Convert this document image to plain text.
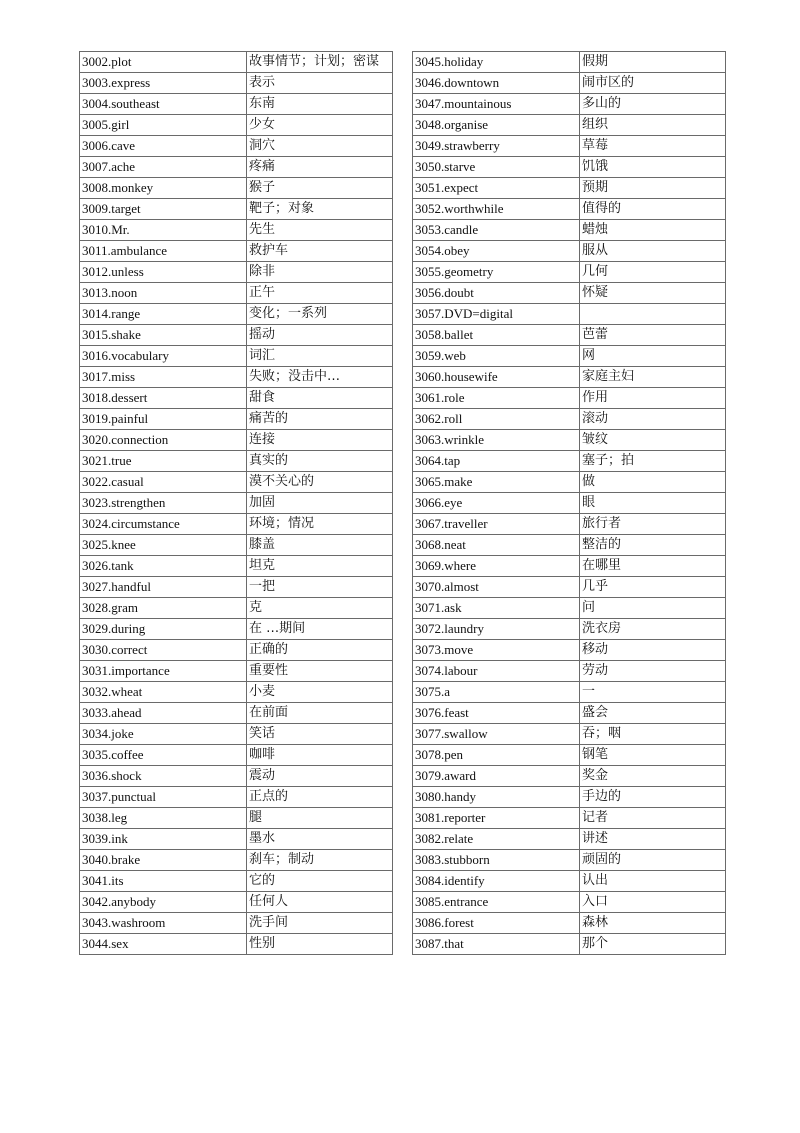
3002.plot	故事情节；计划；密谋
3003.express	表示
3004.southeast	东南
3005.girl	少女
3006.cave	洞穴
3007.ache	疼痛
3008.monkey	猴子
3009.target	靶子；对象
3010.Mr.	先生
3011.ambulance	救护车
3012.unless	除非
3013.noon	正午
3014.range	变化；一系列
3015.shake	摇动
3016.vocabulary	词汇
3017.miss	失败；没击中…
3018.dessert	甜食
3019.painful	痛苦的
3020.connection	连接
3021.true	真实的
3022.casual	漠不关心的
3023.strengthen	加固
3024.circumstance	环境；情况
3025.knee	膝盖
3026.tank	坦克
3027.handful	一把
3028.gram	克
3029.during	在 …期间
3030.correct	正确的
3031.importance	重要性
3032.wheat	小麦
3033.ahead	在前面
3034.joke	笑话
3035.coffee	咖啡
3036.shock	震动
3037.punctual	正点的
3038.leg	腿
3039.ink	墨水
3040.brake	刹车；制动
3041.its	它的
3042.anybody	任何人
3043.washroom	洗手间
3044.sex	性别
3045.holiday	假期
3046.downtown	闹市区的
3047.mountainous	多山的
3048.organise	组织
3049.strawberry	草莓
3050.starve	饥饿
3051.expect	预期
3052.worthwhile	值得的
3053.candle	蜡烛
3054.obey	服从
3055.geometry	几何
3056.doubt	怀疑
3057.DVD=digital	
3058.ballet	芭蕾
3059.web	网
3060.housewife	家庭主妇
3061.role	作用
3062.roll	滚动
3063.wrinkle	皱纹
3064.tap	塞子；拍
3065.make	做
3066.eye	眼
3067.traveller	旅行者
3068.neat	整洁的
3069.where	在哪里
3070.almost	几乎
3071.ask	问
3072.laundry	洗衣房
3073.move	移动
3074.labour	劳动
3075.a	一
3076.feast	盛会
3077.swallow	吞；咽
3078.pen	钢笔
3079.award	奖金
3080.handy	手边的
3081.reporter	记者
3082.relate	讲述
3083.stubborn	顽固的
3084.identify	认出
3085.entrance	入口
3086.forest	森林
3087.that	那个
